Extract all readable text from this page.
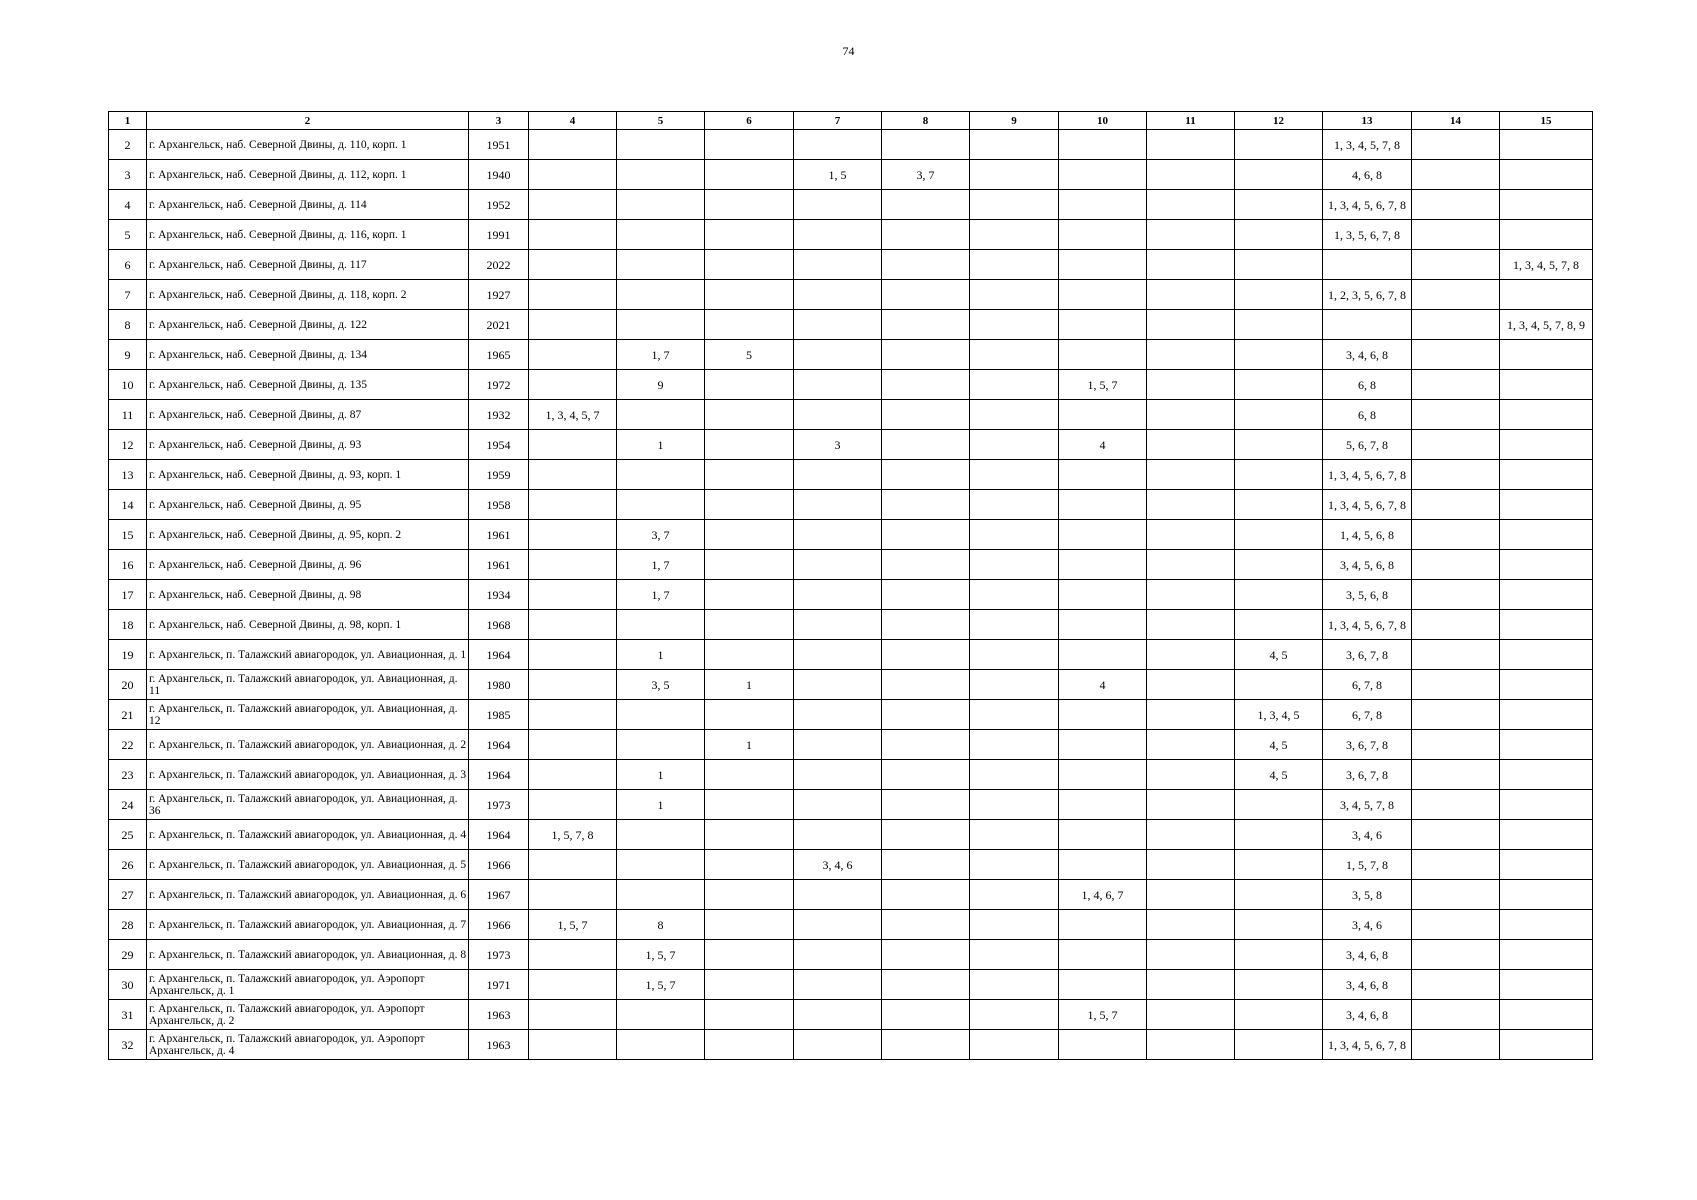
74
1	2	3	4	5	6	7	8	9	10	11	12	13	14	15
2	г. Архангельск, наб. Северной Двины, д. 110, корп. 1	1951										1, 3, 4, 5, 7, 8		
3	г. Архангельск, наб. Северной Двины, д. 112, корп. 1	1940				1, 5	3, 7					4, 6, 8		
4	г. Архангельск, наб. Северной Двины, д. 114	1952										1, 3, 4, 5, 6, 7, 8		
5	г. Архангельск, наб. Северной Двины, д. 116, корп. 1	1991										1, 3, 5, 6, 7, 8		
6	г. Архангельск, наб. Северной Двины, д. 117	2022												1, 3, 4, 5, 7, 8
7	г. Архангельск, наб. Северной Двины, д. 118, корп. 2	1927										1, 2, 3, 5, 6, 7, 8		
8	г. Архангельск, наб. Северной Двины, д. 122	2021												1, 3, 4, 5, 7, 8, 9
9	г. Архангельск, наб. Северной Двины, д. 134	1965		1, 7	5							3, 4, 6, 8		
10	г. Архангельск, наб. Северной Двины, д. 135	1972		9					1, 5, 7			6, 8		
11	г. Архангельск, наб. Северной Двины, д. 87	1932	1, 3, 4, 5, 7									6, 8		
12	г. Архангельск, наб. Северной Двины, д. 93	1954		1		3			4			5, 6, 7, 8		
13	г. Архангельск, наб. Северной Двины, д. 93, корп. 1	1959										1, 3, 4, 5, 6, 7, 8		
14	г. Архангельск, наб. Северной Двины, д. 95	1958										1, 3, 4, 5, 6, 7, 8		
15	г. Архангельск, наб. Северной Двины, д. 95, корп. 2	1961		3, 7								1, 4, 5, 6, 8		
16	г. Архангельск, наб. Северной Двины, д. 96	1961		1, 7								3, 4, 5, 6, 8		
17	г. Архангельск, наб. Северной Двины, д. 98	1934		1, 7								3, 5, 6, 8		
18	г. Архангельск, наб. Северной Двины, д. 98, корп. 1	1968										1, 3, 4, 5, 6, 7, 8		
19	г. Архангельск, п. Талажский авиагородок, ул. Авиационная, д. 1	1964		1							4, 5	3, 6, 7, 8		
20	г. Архангельск, п. Талажский авиагородок, ул. Авиационная, д. 11	1980		3, 5	1				4			6, 7, 8		
21	г. Архангельск, п. Талажский авиагородок, ул. Авиационная, д. 12	1985									1, 3, 4, 5	6, 7, 8		
22	г. Архангельск, п. Талажский авиагородок, ул. Авиационная, д. 2	1964			1						4, 5	3, 6, 7, 8		
23	г. Архангельск, п. Талажский авиагородок, ул. Авиационная, д. 3	1964		1							4, 5	3, 6, 7, 8		
24	г. Архангельск, п. Талажский авиагородок, ул. Авиационная, д. 36	1973		1								3, 4, 5, 7, 8		
25	г. Архангельск, п. Талажский авиагородок, ул. Авиационная, д. 4	1964	1, 5, 7, 8									3, 4, 6		
26	г. Архангельск, п. Талажский авиагородок, ул. Авиационная, д. 5	1966				3, 4, 6						1, 5, 7, 8		
27	г. Архангельск, п. Талажский авиагородок, ул. Авиационная, д. 6	1967							1, 4, 6, 7			3, 5, 8		
28	г. Архангельск, п. Талажский авиагородок, ул. Авиационная, д. 7	1966	1, 5, 7	8								3, 4, 6		
29	г. Архангельск, п. Талажский авиагородок, ул. Авиационная, д. 8	1973		1, 5, 7								3, 4, 6, 8		
30	г. Архангельск, п. Талажский авиагородок, ул. Аэропорт Архангельск, д. 1	1971		1, 5, 7								3, 4, 6, 8		
31	г. Архангельск, п. Талажский авиагородок, ул. Аэропорт Архангельск, д. 2	1963							1, 5, 7			3, 4, 6, 8		
32	г. Архангельск, п. Талажский авиагородок, ул. Аэропорт Архангельск, д. 4	1963										1, 3, 4, 5, 6, 7, 8		
